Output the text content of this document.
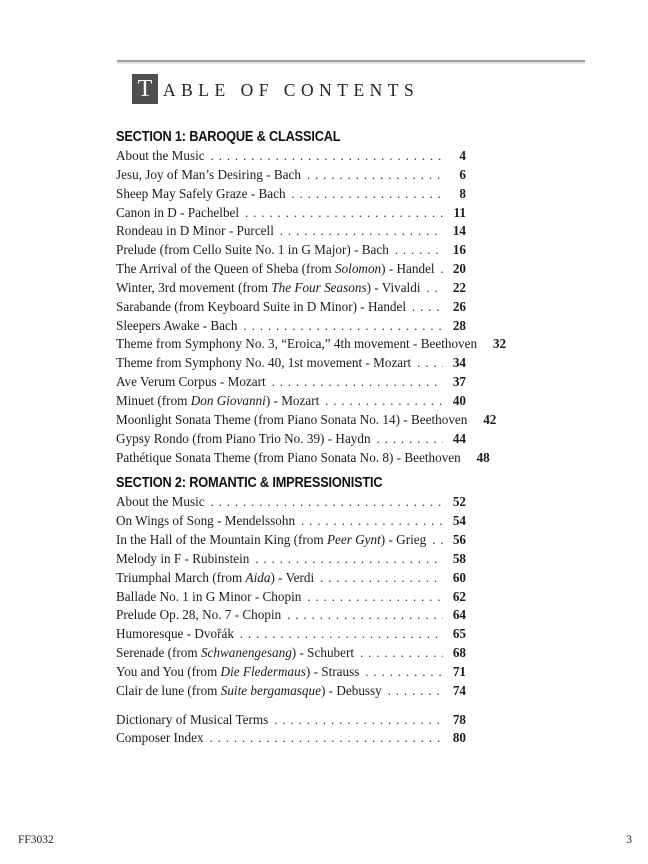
T ABLE OF CONTENTS
SECTION 1: BAROQUE & CLASSICAL
About the Music .....	4
Jesu, Joy of Man’s Desiring - Bach .....	6
Sheep May Safely Graze - Bach .....	8
Canon in D - Pachelbel .....	11
Rondeau in D Minor - Purcell .....	14
Prelude (from Cello Suite No. 1 in G Major) - Bach .....	16
The Arrival of the Queen of Sheba (from Solomon) - Handel .....	20
Winter, 3rd movement (from The Four Seasons) - Vivaldi .....	22
Sarabande (from Keyboard Suite in D Minor) - Handel .....	26
Sleepers Awake - Bach .....	28
Theme from Symphony No. 3, “Eroica,” 4th movement - Beethoven	32
Theme from Symphony No. 40, 1st movement - Mozart .....	34
Ave Verum Corpus - Mozart .....	37
Minuet (from Don Giovanni) - Mozart .....	40
Moonlight Sonata Theme (from Piano Sonata No. 14) - Beethoven	42
Gypsy Rondo (from Piano Trio No. 39) - Haydn .....	44
Pathétique Sonata Theme (from Piano Sonata No. 8) - Beethoven	48
SECTION 2: ROMANTIC & IMPRESSIONISTIC
About the Music .....	52
On Wings of Song - Mendelssohn .....	54
In the Hall of the Mountain King (from Peer Gynt) - Grieg .....	56
Melody in F - Rubinstein .....	58
Triumphal March (from Aida) - Verdi .....	60
Ballade No. 1 in G Minor - Chopin .....	62
Prelude Op. 28, No. 7 - Chopin .....	64
Humoresque - Dvořák .....	65
Serenade (from Schwanengesang) - Schubert .....	68
You and You (from Die Fledermaus) - Strauss .....	71
Clair de lune (from Suite bergamasque) - Debussy .....	74
Dictionary of Musical Terms .....	78
Composer Index .....	80
FF3032	3
